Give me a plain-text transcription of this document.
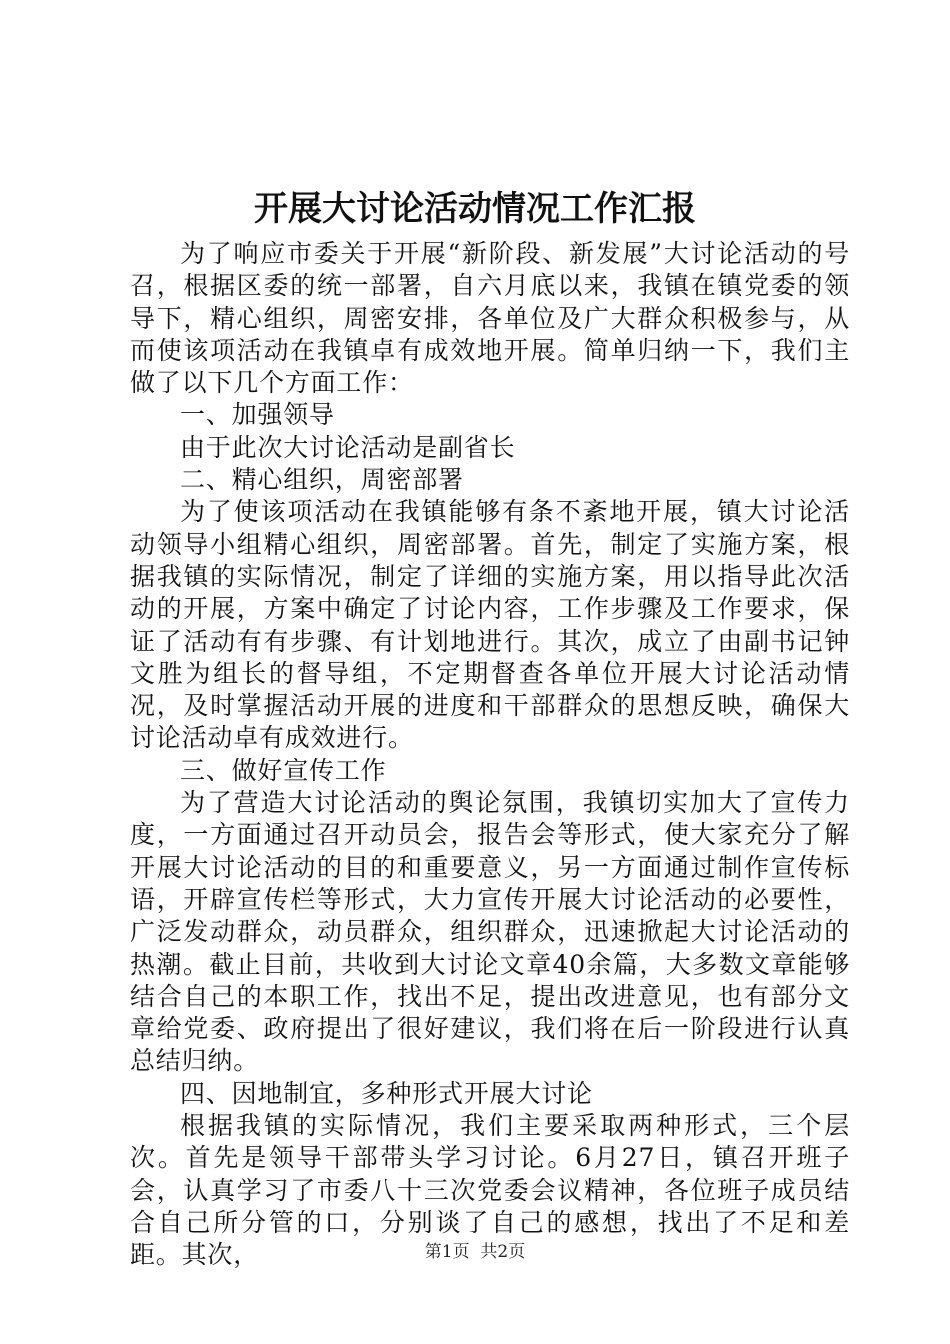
开展大讨论活动情况工作汇报

为了响应市委关于开展“新阶段、新发展”大讨论活动的号召，根据区委的统一部署，自六月底以来，我镇在镇党委的领导下，精心组织，周密安排，各单位及广大群众积极参与，从而使该项活动在我镇卓有成效地开展。简单归纳一下，我们主做了以下几个方面工作：

一、加强领导

由于此次大讨论活动是副省长

二、精心组织，周密部署

为了使该项活动在我镇能够有条不紊地开展，镇大讨论活动领导小组精心组织，周密部署。首先，制定了实施方案，根据我镇的实际情况，制定了详细的实施方案，用以指导此次活动的开展，方案中确定了讨论内容，工作步骤及工作要求，保证了活动有有步骤、有计划地进行。其次，成立了由副书记钟文胜为组长的督导组，不定期督查各单位开展大讨论活动情况，及时掌握活动开展的进度和干部群众的思想反映，确保大讨论活动卓有成效进行。

三、做好宣传工作

为了营造大讨论活动的舆论氛围，我镇切实加大了宣传力度，一方面通过召开动员会，报告会等形式，使大家充分了解开展大讨论活动的目的和重要意义，另一方面通过制作宣传标语，开辟宣传栏等形式，大力宣传开展大讨论活动的必要性，广泛发动群众，动员群众，组织群众，迅速掀起大讨论活动的热潮。截止目前，共收到大讨论文章40余篇，大多数文章能够结合自己的本职工作，找出不足，提出改进意见，也有部分文章给党委、政府提出了很好建议，我们将在后一阶段进行认真总结归纳。

四、因地制宜，多种形式开展大讨论

根据我镇的实际情况，我们主要采取两种形式，三个层次。首先是领导干部带头学习讨论。6月27日，镇召开班子会，认真学习了市委八十三次党委会议精神，各位班子成员结合自己所分管的口，分别谈了自己的感想，找出了不足和差距。其次，	第1页 共2页
